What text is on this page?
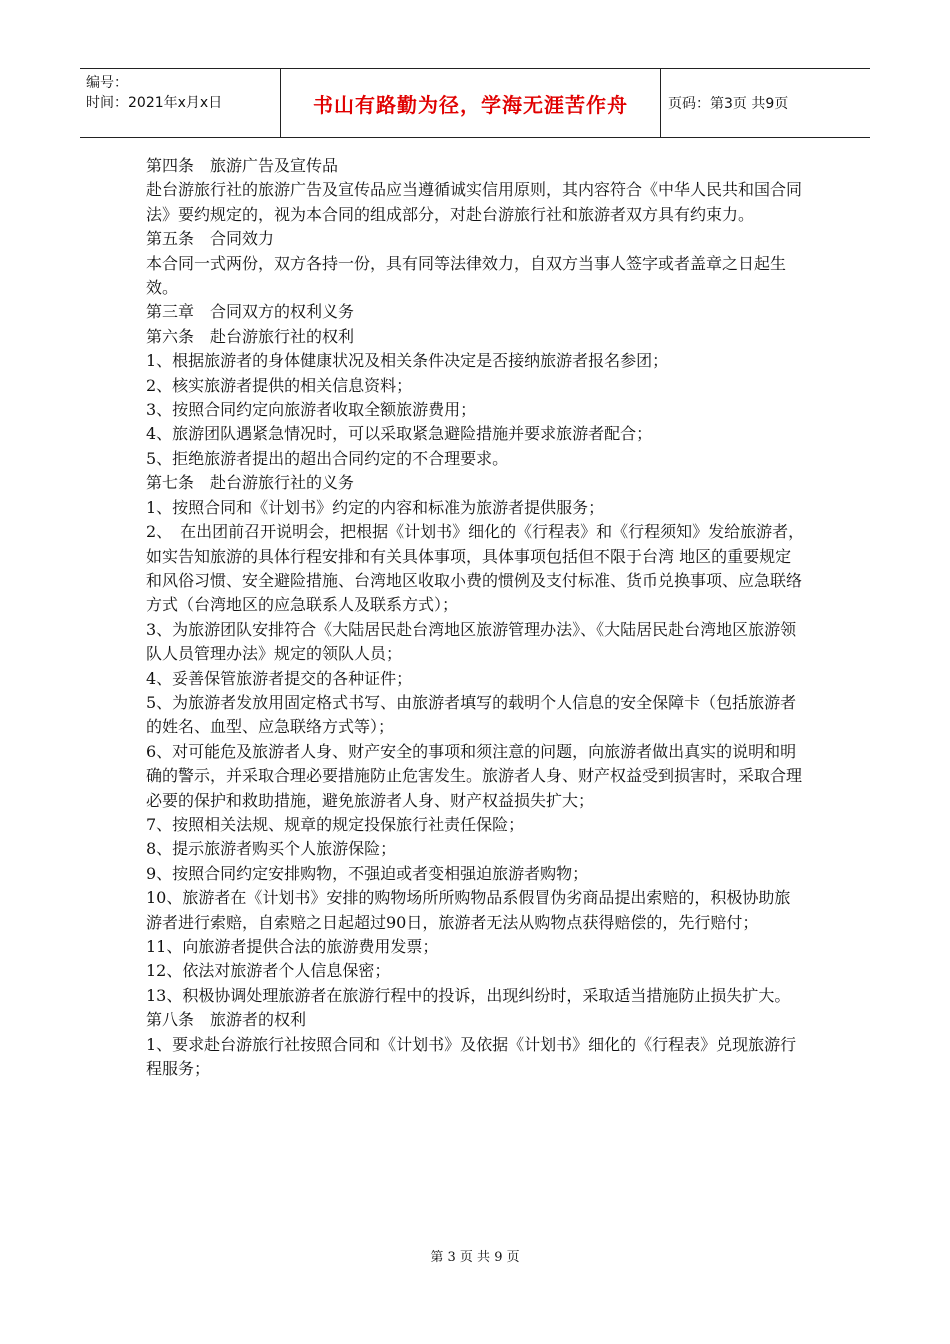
编号：
时间：2021年x月x日	书山有路勤为径，学海无涯苦作舟	页码：第3页 共9页

第四条　旅游广告及宣传品

赴台游旅行社的旅游广告及宣传品应当遵循诚实信用原则，其内容符合《中华人民共和国合同法》要约规定的，视为本合同的组成部分，对赴台游旅行社和旅游者双方具有约束力。

第五条　合同效力

本合同一式两份，双方各持一份，具有同等法律效力，自双方当事人签字或者盖章之日起生效。

第三章　合同双方的权利义务

第六条　赴台游旅行社的权利

1、根据旅游者的身体健康状况及相关条件决定是否接纳旅游者报名参团；

2、核实旅游者提供的相关信息资料；

3、按照合同约定向旅游者收取全额旅游费用；

4、旅游团队遇紧急情况时，可以采取紧急避险措施并要求旅游者配合；

5、拒绝旅游者提出的超出合同约定的不合理要求。

第七条　赴台游旅行社的义务

1、按照合同和《计划书》约定的内容和标准为旅游者提供服务；

2、　在出团前召开说明会，把根据《计划书》细化的《行程表》和《行程须知》发给旅游者，如实告知旅游的具体行程安排和有关具体事项，具体事项包括但不限于台湾 地区的重要规定和风俗习惯、安全避险措施、台湾地区收取小费的惯例及支付标准、货币兑换事项、应急联络方式（台湾地区的应急联系人及联系方式）；

3、为旅游团队安排符合《大陆居民赴台湾地区旅游管理办法》、《大陆居民赴台湾地区旅游领队人员管理办法》规定的领队人员；

4、妥善保管旅游者提交的各种证件；

5、为旅游者发放用固定格式书写、由旅游者填写的载明个人信息的安全保障卡（包括旅游者的姓名、血型、应急联络方式等）；

6、对可能危及旅游者人身、财产安全的事项和须注意的问题，向旅游者做出真实的说明和明确的警示，并采取合理必要措施防止危害发生。旅游者人身、财产权益受到损害时，采取合理必要的保护和救助措施，避免旅游者人身、财产权益损失扩大；

7、按照相关法规、规章的规定投保旅行社责任保险；

8、提示旅游者购买个人旅游保险；

9、按照合同约定安排购物，不强迫或者变相强迫旅游者购物；

10、旅游者在《计划书》安排的购物场所所购物品系假冒伪劣商品提出索赔的，积极协助旅游者进行索赔，自索赔之日起超过90日，旅游者无法从购物点获得赔偿的，先行赔付；

11、向旅游者提供合法的旅游费用发票；

12、依法对旅游者个人信息保密；

13、积极协调处理旅游者在旅游行程中的投诉，出现纠纷时，采取适当措施防止损失扩大。

第八条　旅游者的权利

1、要求赴台游旅行社按照合同和《计划书》及依据《计划书》细化的《行程表》兑现旅游行程服务；

第 3 页 共 9 页
